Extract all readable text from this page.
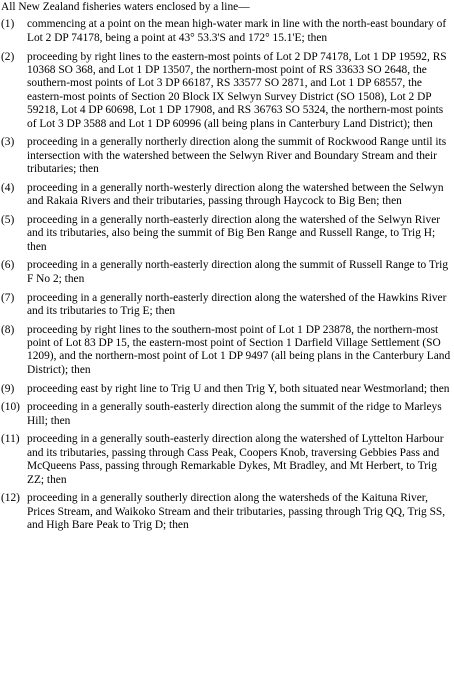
All New Zealand fisheries waters enclosed by a line—
(1)	commencing at a point on the mean high-water mark in line with the north-east boundary of Lot 2 DP 74178, being a point at 43° 53.3'S and 172° 15.1'E; then
(2)	proceeding by right lines to the eastern-most points of Lot 2 DP 74178, Lot 1 DP 19592, RS 10368 SO 368, and Lot 1 DP 13507, the northern-most point of RS 33633 SO 2648, the southern-most points of Lot 3 DP 66187, RS 33577 SO 2871, and Lot 1 DP 68557, the eastern-most points of Section 20 Block IX Selwyn Survey District (SO 1508), Lot 2 DP 59218, Lot 4 DP 60698, Lot 1 DP 17908, and RS 36763 SO 5324, the northern-most points of Lot 3 DP 3588 and Lot 1 DP 60996 (all being plans in Canterbury Land District); then
(3)	proceeding in a generally northerly direction along the summit of Rockwood Range until its intersection with the watershed between the Selwyn River and Boundary Stream and their tributaries; then
(4)	proceeding in a generally north-westerly direction along the watershed between the Selwyn and Rakaia Rivers and their tributaries, passing through Haycock to Big Ben; then
(5)	proceeding in a generally north-easterly direction along the watershed of the Selwyn River and its tributaries, also being the summit of Big Ben Range and Russell Range, to Trig H; then
(6)	proceeding in a generally north-easterly direction along the summit of Russell Range to Trig F No 2; then
(7)	proceeding in a generally north-easterly direction along the watershed of the Hawkins River and its tributaries to Trig E; then
(8)	proceeding by right lines to the southern-most point of Lot 1 DP 23878, the northern-most point of Lot 83 DP 15, the eastern-most point of Section 1 Darfield Village Settlement (SO 1209), and the northern-most point of Lot 1 DP 9497 (all being plans in the Canterbury Land District); then
(9)	proceeding east by right line to Trig U and then Trig Y, both situated near Westmorland; then
(10) proceeding in a generally south-easterly direction along the summit of the ridge to Marleys Hill; then
(11) proceeding in a generally south-easterly direction along the watershed of Lyttelton Harbour and its tributaries, passing through Cass Peak, Coopers Knob, traversing Gebbies Pass and McQueens Pass, passing through Remarkable Dykes, Mt Bradley, and Mt Herbert, to Trig ZZ; then
(12) proceeding in a generally southerly direction along the watersheds of the Kaituna River, Prices Stream, and Waikoko Stream and their tributaries, passing through Trig QQ, Trig SS, and High Bare Peak to Trig D; then
